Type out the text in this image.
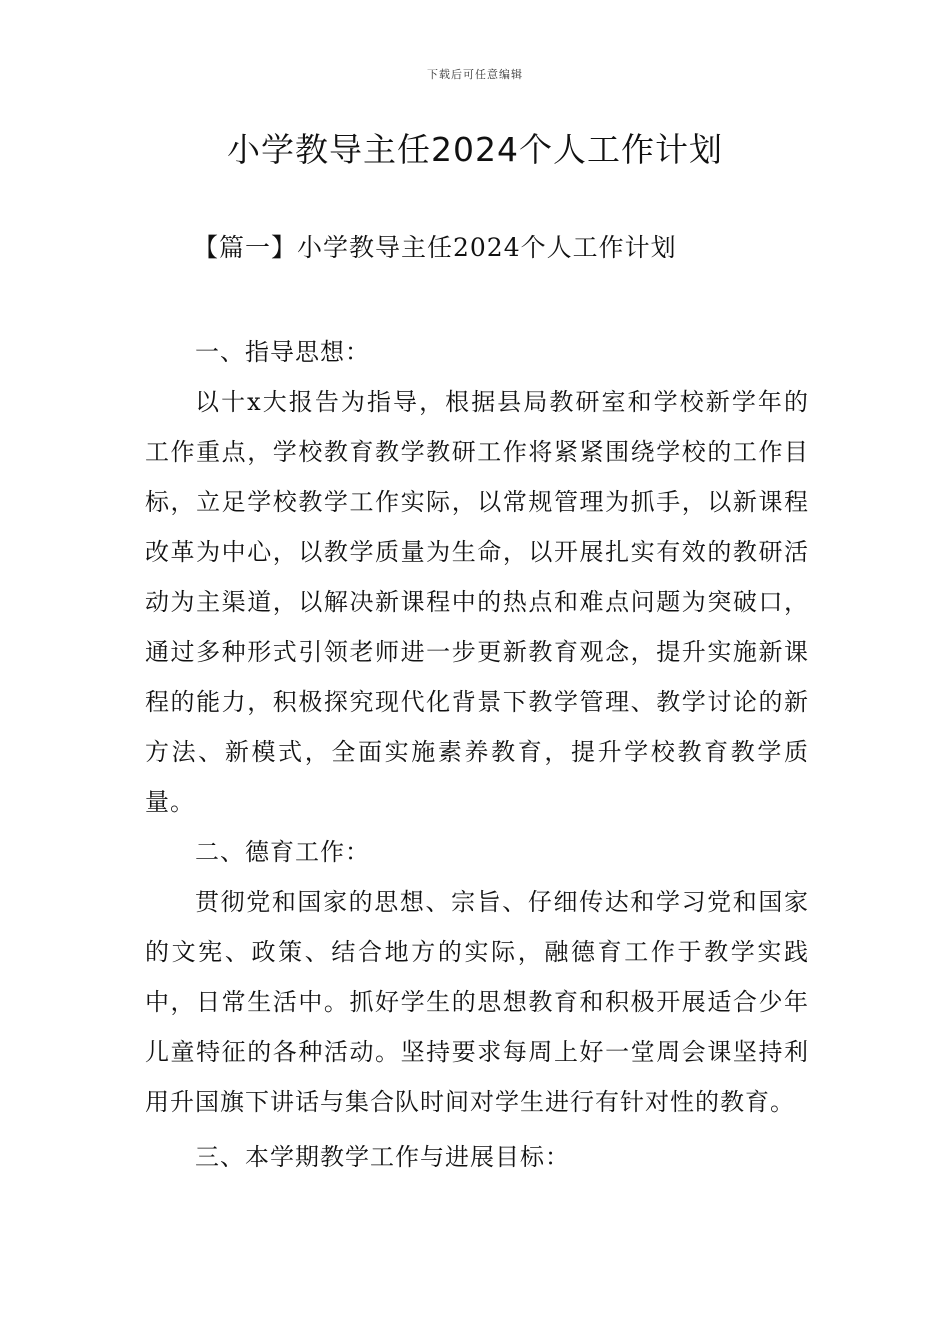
下载后可任意编辑
小学教导主任2024个人工作计划
【篇一】小学教导主任2024个人工作计划

一、指导思想：

以十x大报告为指导，根据县局教研室和学校新学年的工作重点，学校教育教学教研工作将紧紧围绕学校的工作目标，立足学校教学工作实际，以常规管理为抓手，以新课程改革为中心，以教学质量为生命，以开展扎实有效的教研活动为主渠道，以解决新课程中的热点和难点问题为突破口，通过多种形式引领老师进一步更新教育观念，提升实施新课程的能力，积极探究现代化背景下教学管理、教学讨论的新方法、新模式，全面实施素养教育，提升学校教育教学质量。

二、德育工作：

贯彻党和国家的思想、宗旨、仔细传达和学习党和国家的文宪、政策、结合地方的实际，融德育工作于教学实践中，日常生活中。抓好学生的思想教育和积极开展适合少年儿童特征的各种活动。坚持要求每周上好一堂周会课坚持利用升国旗下讲话与集合队时间对学生进行有针对性的教育。

三、本学期教学工作与进展目标：
